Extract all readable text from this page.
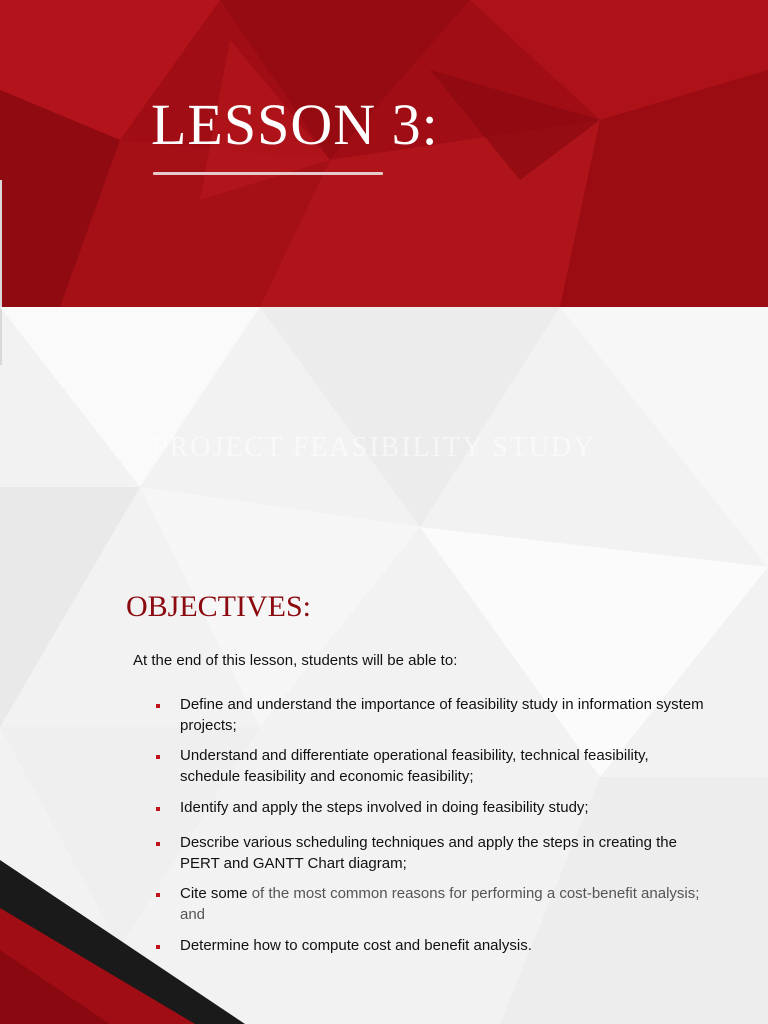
LESSON 3:

PROJECT FEASIBILITY STUDY

OBJECTIVES:

At the end of this lesson, students will be able to:

Define and understand the importance of feasibility study in information system projects;

Understand and differentiate operational feasibility, technical feasibility, schedule feasibility and economic feasibility;

Identify and apply the steps involved in doing feasibility study;

Describe various scheduling techniques and apply the steps in creating the PERT and GANTT Chart diagram;

Cite some of the most common reasons for performing a cost-benefit analysis; and

Determine how to compute cost and benefit analysis.
